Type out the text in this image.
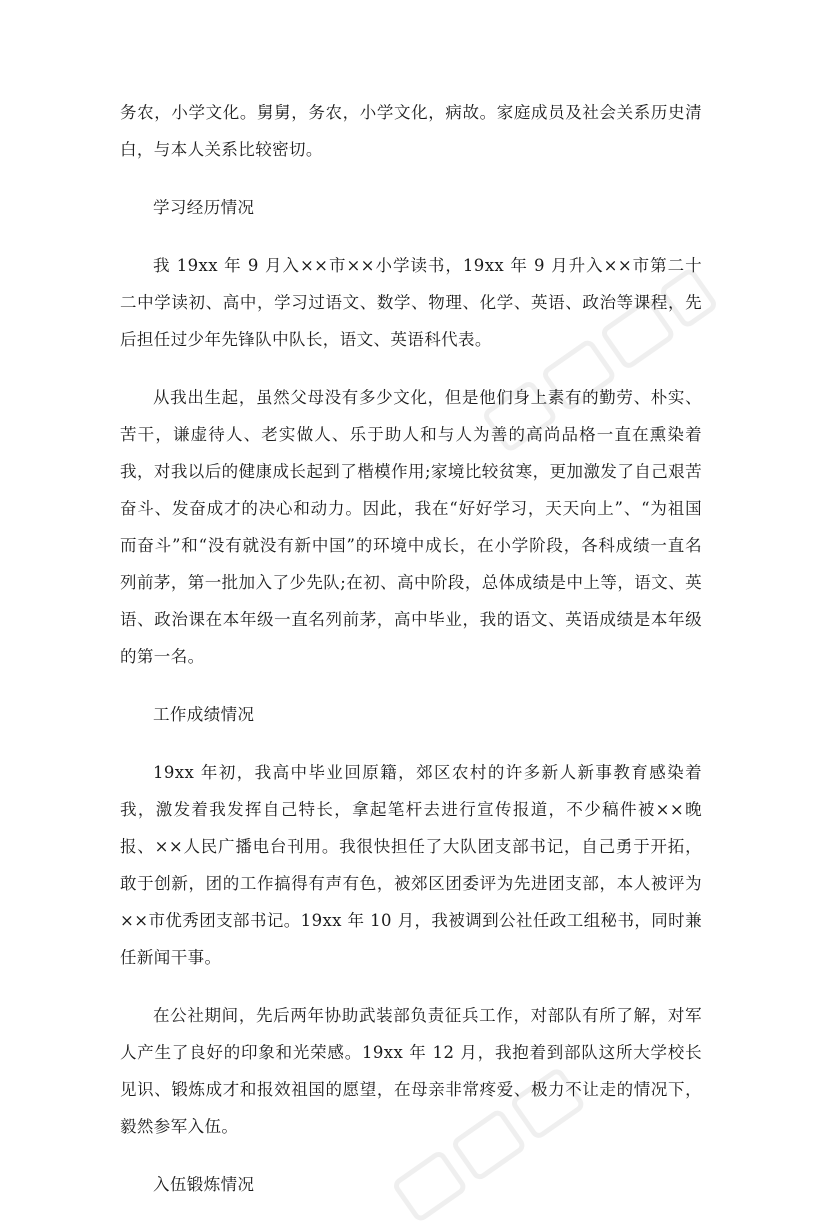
务农，小学文化。舅舅，务农，小学文化，病故。家庭成员及社会关系历史清白，与本人关系比较密切。

学习经历情况

我 19xx 年 9 月入××市××小学读书，19xx 年 9 月升入××市第二十二中学读初、高中，学习过语文、数学、物理、化学、英语、政治等课程，先后担任过少年先锋队中队长，语文、英语科代表。

从我出生起，虽然父母没有多少文化，但是他们身上素有的勤劳、朴实、苦干，谦虚待人、老实做人、乐于助人和与人为善的高尚品格一直在熏染着我，对我以后的健康成长起到了楷模作用;家境比较贫寒，更加激发了自己艰苦奋斗、发奋成才的决心和动力。因此，我在“好好学习，天天向上”、“为祖国而奋斗”和“没有就没有新中国”的环境中成长，在小学阶段，各科成绩一直名列前茅，第一批加入了少先队;在初、高中阶段，总体成绩是中上等，语文、英语、政治课在本年级一直名列前茅，高中毕业，我的语文、英语成绩是本年级的第一名。

工作成绩情况

19xx 年初，我高中毕业回原籍，郊区农村的许多新人新事教育感染着我，激发着我发挥自己特长，拿起笔杆去进行宣传报道，不少稿件被××晚报、××人民广播电台刊用。我很快担任了大队团支部书记，自己勇于开拓，敢于创新，团的工作搞得有声有色，被郊区团委评为先进团支部，本人被评为××市优秀团支部书记。19xx 年 10 月，我被调到公社任政工组秘书，同时兼任新闻干事。

在公社期间，先后两年协助武装部负责征兵工作，对部队有所了解，对军人产生了良好的印象和光荣感。19xx 年 12 月，我抱着到部队这所大学校长见识、锻炼成才和报效祖国的愿望，在母亲非常疼爱、极力不让走的情况下，毅然参军入伍。

入伍锻炼情况
